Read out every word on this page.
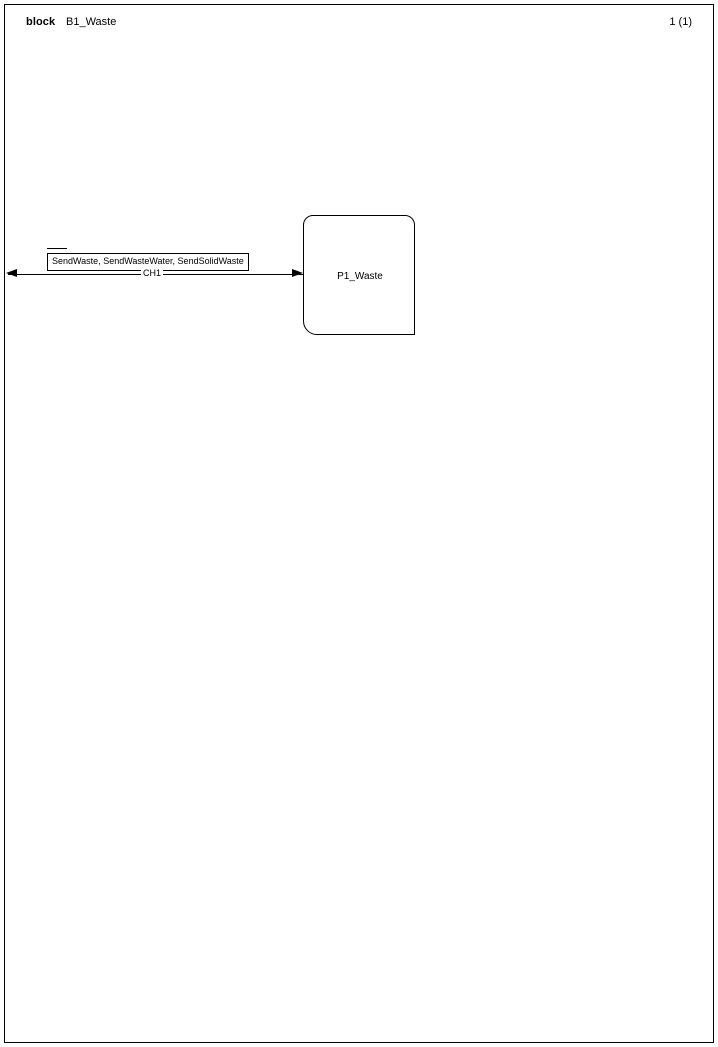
block B1_Waste	1 (1)
P1_Waste
SendWaste, SendWasteWater, SendSolidWaste
CH1
